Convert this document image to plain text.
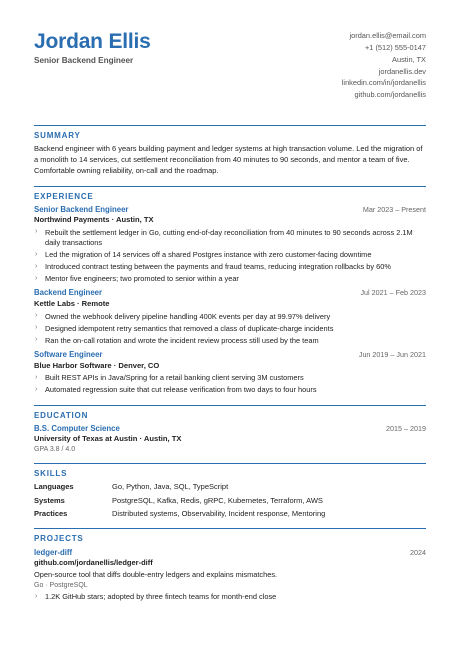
Jordan Ellis
Senior Backend Engineer
jordan.ellis@email.com
+1 (512) 555-0147
Austin, TX
jordanellis.dev
linkedin.com/in/jordanellis
github.com/jordanellis
SUMMARY
Backend engineer with 6 years building payment and ledger systems at high transaction volume. Led the migration of a monolith to 14 services, cut settlement reconciliation from 40 minutes to 90 seconds, and mentor a team of five. Comfortable owning reliability, on-call and the roadmap.
EXPERIENCE
Senior Backend Engineer	Mar 2023 – Present
Northwind Payments · Austin, TX
› Rebuilt the settlement ledger in Go, cutting end-of-day reconciliation from 40 minutes to 90 seconds across 2.1M daily transactions
› Led the migration of 14 services off a shared Postgres instance with zero customer-facing downtime
› Introduced contract testing between the payments and fraud teams, reducing integration rollbacks by 60%
› Mentor five engineers; two promoted to senior within a year
Backend Engineer	Jul 2021 – Feb 2023
Kettle Labs · Remote
› Owned the webhook delivery pipeline handling 400K events per day at 99.97% delivery
› Designed idempotent retry semantics that removed a class of duplicate-charge incidents
› Ran the on-call rotation and wrote the incident review process still used by the team
Software Engineer	Jun 2019 – Jun 2021
Blue Harbor Software · Denver, CO
› Built REST APIs in Java/Spring for a retail banking client serving 3M customers
› Automated regression suite that cut release verification from two days to four hours
EDUCATION
B.S. Computer Science	2015 – 2019
University of Texas at Austin · Austin, TX
GPA 3.8 / 4.0
SKILLS
Languages	Go, Python, Java, SQL, TypeScript
Systems	PostgreSQL, Kafka, Redis, gRPC, Kubernetes, Terraform, AWS
Practices	Distributed systems, Observability, Incident response, Mentoring
PROJECTS
ledger-diff	2024
github.com/jordanellis/ledger-diff
Open-source tool that diffs double-entry ledgers and explains mismatches.
Go · PostgreSQL
› 1.2K GitHub stars; adopted by three fintech teams for month-end close
